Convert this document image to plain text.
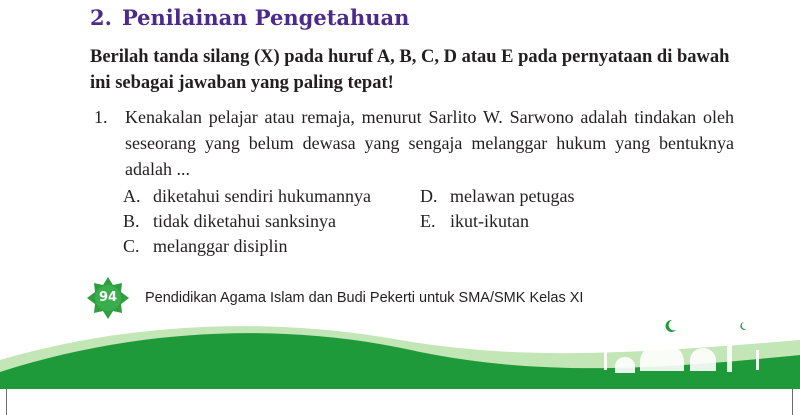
2. Penilainan Pengetahuan

Berilah tanda silang (X) pada huruf A, B, C, D atau E pada pernyataan di bawah ini sebagai jawaban yang paling tepat!

1. Kenakalan pelajar atau remaja, menurut Sarlito W. Sarwono adalah tindakan oleh seseorang yang belum dewasa yang sengaja melanggar hukum yang bentuknya adalah ...
A. diketahui sendiri hukumannya
B. tidak diketahui sanksinya
C. melanggar disiplin
D. melawan petugas
E. ikut-ikutan
94	Pendidikan Agama Islam dan Budi Pekerti untuk SMA/SMK Kelas XI
